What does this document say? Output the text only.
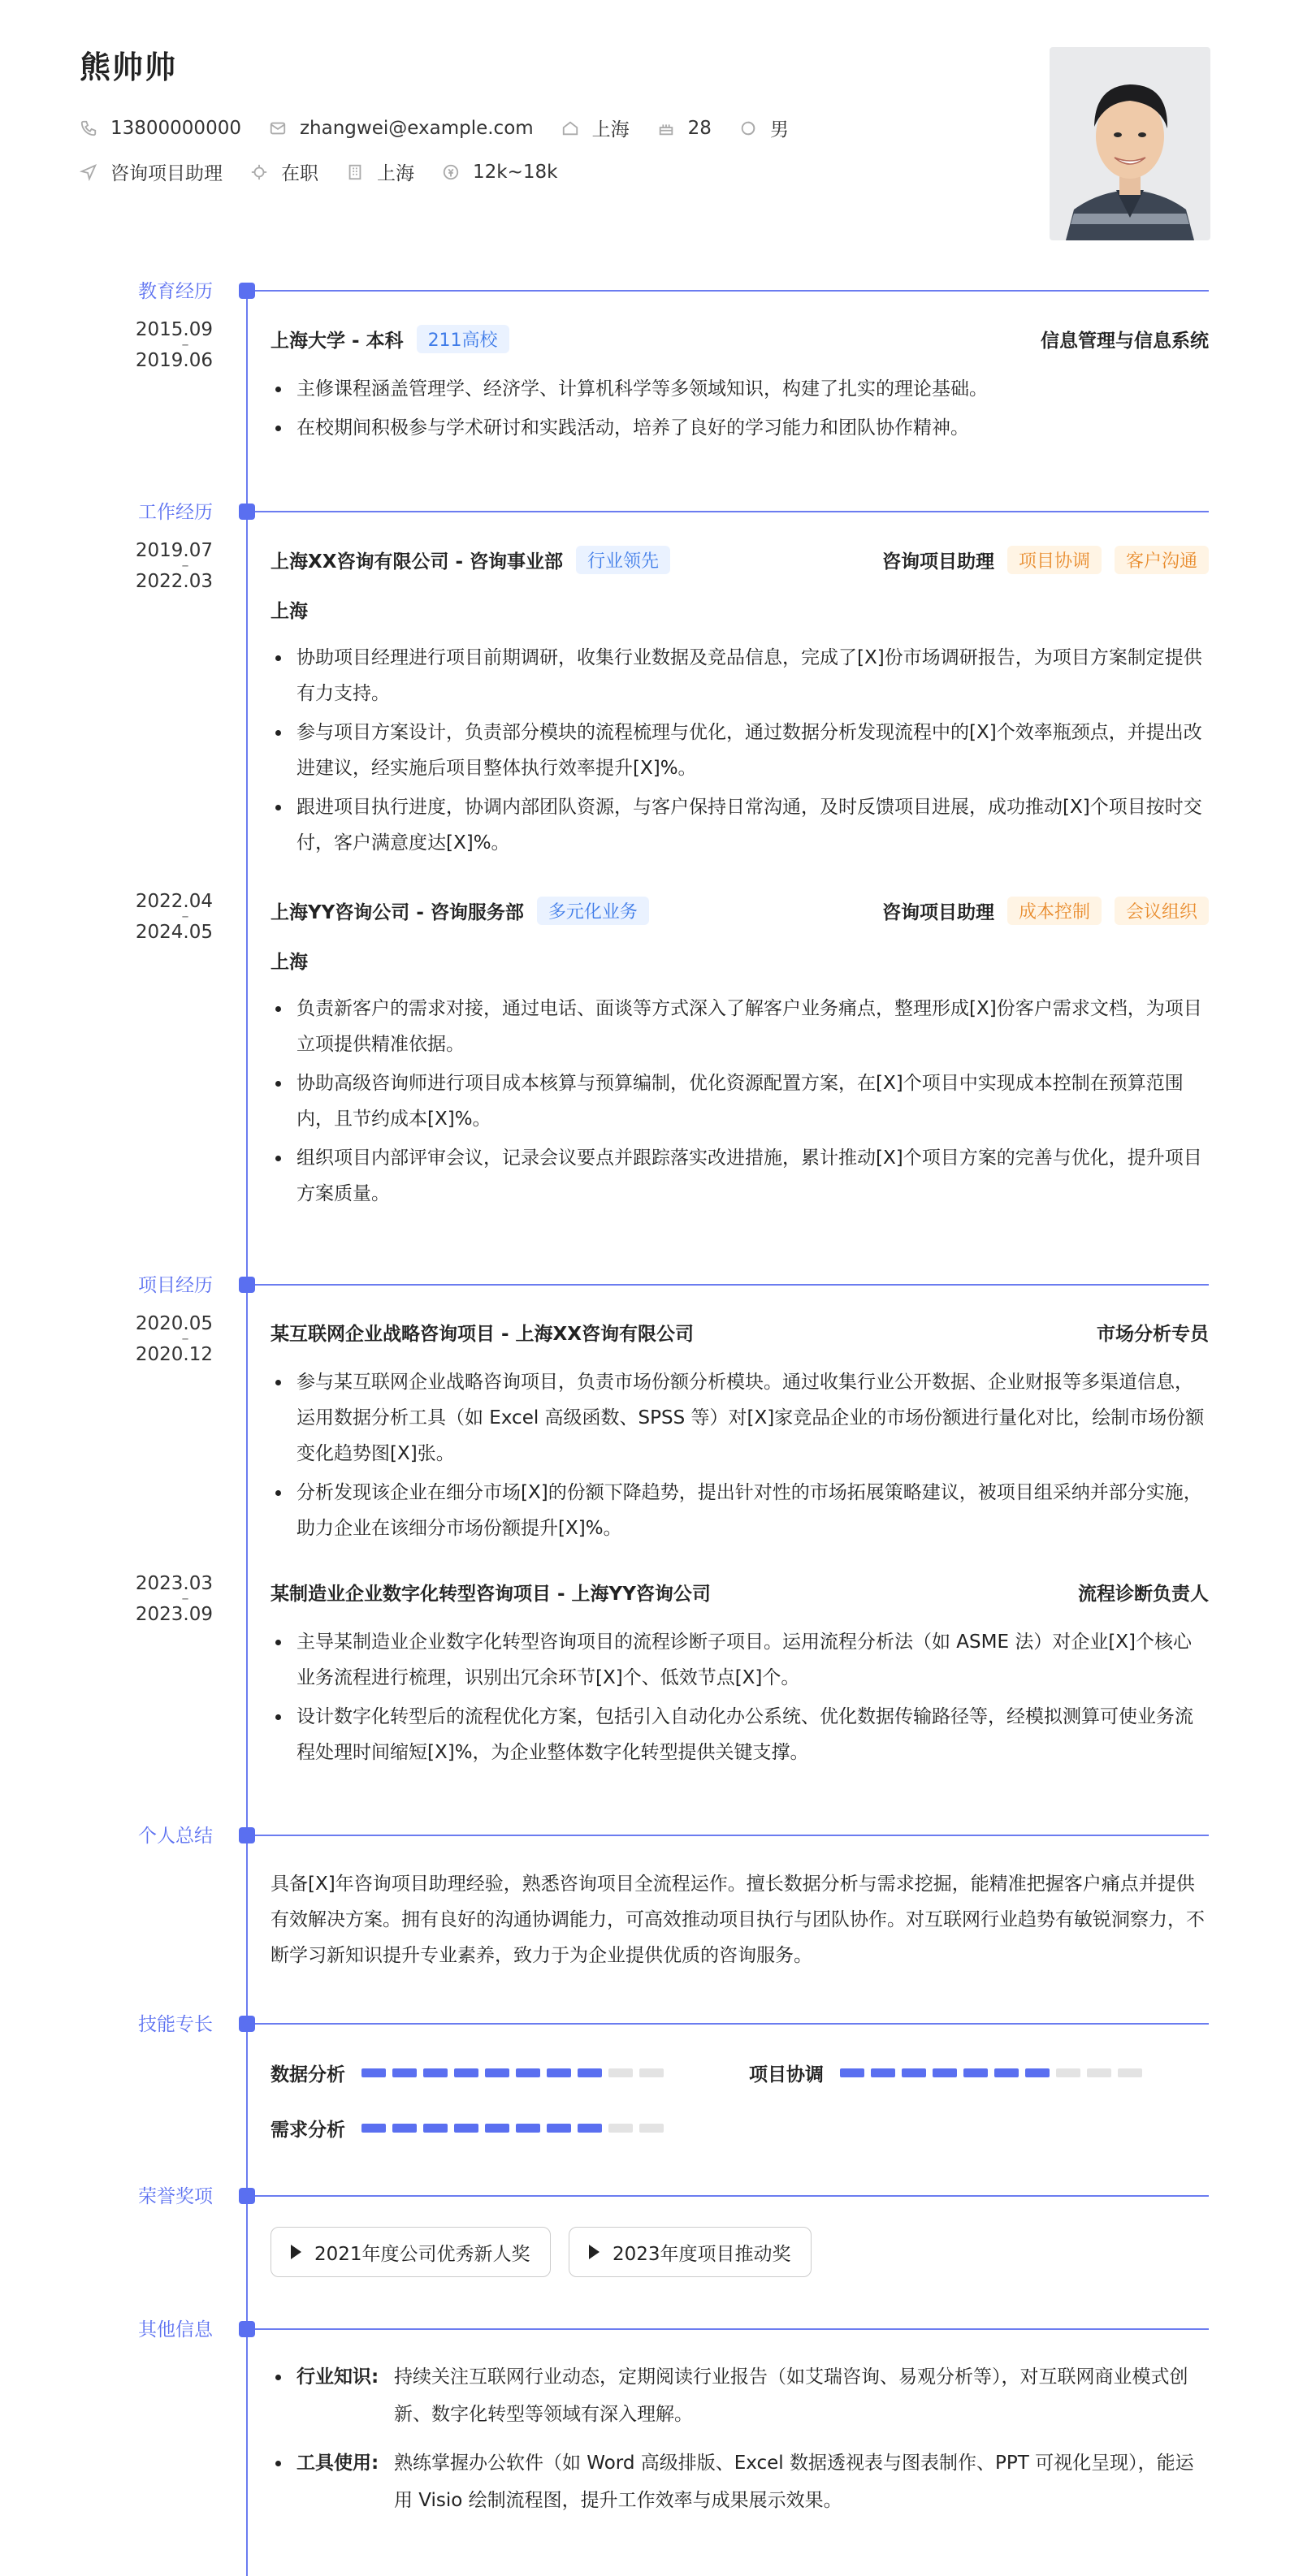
熊帅帅
13800000000	zhangwei@example.com	上海	28	男
咨询项目助理	在职	上海	12k~18k
教育经历
2015.09
–
2019.06
上海大学 - 本科	211高校	信息管理与信息系统
主修课程涵盖管理学、经济学、计算机科学等多领域知识，构建了扎实的理论基础。
在校期间积极参与学术研讨和实践活动，培养了良好的学习能力和团队协作精神。
工作经历
2019.07
–
2022.03
上海XX咨询有限公司 - 咨询事业部	行业领先	咨询项目助理	项目协调	客户沟通
上海
协助项目经理进行项目前期调研，收集行业数据及竞品信息，完成了[X]份市场调研报告，为项目方案制定提供有力支持。
参与项目方案设计，负责部分模块的流程梳理与优化，通过数据分析发现流程中的[X]个效率瓶颈点，并提出改进建议，经实施后项目整体执行效率提升[X]%。
跟进项目执行进度，协调内部团队资源，与客户保持日常沟通，及时反馈项目进展，成功推动[X]个项目按时交付，客户满意度达[X]%。
2022.04
–
2024.05
上海YY咨询公司 - 咨询服务部	多元化业务	咨询项目助理	成本控制	会议组织
上海
负责新客户的需求对接，通过电话、面谈等方式深入了解客户业务痛点，整理形成[X]份客户需求文档，为项目立项提供精准依据。
协助高级咨询师进行项目成本核算与预算编制，优化资源配置方案，在[X]个项目中实现成本控制在预算范围内，且节约成本[X]%。
组织项目内部评审会议，记录会议要点并跟踪落实改进措施，累计推动[X]个项目方案的完善与优化，提升项目方案质量。
项目经历
2020.05
–
2020.12
某互联网企业战略咨询项目 - 上海XX咨询有限公司	市场分析专员
参与某互联网企业战略咨询项目，负责市场份额分析模块。通过收集行业公开数据、企业财报等多渠道信息，运用数据分析工具（如 Excel 高级函数、SPSS 等）对[X]家竞品企业的市场份额进行量化对比，绘制市场份额变化趋势图[X]张。
分析发现该企业在细分市场[X]的份额下降趋势，提出针对性的市场拓展策略建议，被项目组采纳并部分实施，助力企业在该细分市场份额提升[X]%。
2023.03
–
2023.09
某制造业企业数字化转型咨询项目 - 上海YY咨询公司	流程诊断负责人
主导某制造业企业数字化转型咨询项目的流程诊断子项目。运用流程分析法（如 ASME 法）对企业[X]个核心业务流程进行梳理，识别出冗余环节[X]个、低效节点[X]个。
设计数字化转型后的流程优化方案，包括引入自动化办公系统、优化数据传输路径等，经模拟测算可使业务流程处理时间缩短[X]%，为企业整体数字化转型提供关键支撑。
个人总结
具备[X]年咨询项目助理经验，熟悉咨询项目全流程运作。擅长数据分析与需求挖掘，能精准把握客户痛点并提供有效解决方案。拥有良好的沟通协调能力，可高效推动项目执行与团队协作。对互联网行业趋势有敏锐洞察力，不断学习新知识提升专业素养，致力于为企业提供优质的咨询服务。
技能专长
数据分析	项目协调
需求分析
荣誉奖项
2021年度公司优秀新人奖	2023年度项目推动奖
其他信息
行业知识: 持续关注互联网行业动态，定期阅读行业报告（如艾瑞咨询、易观分析等），对互联网商业模式创新、数字化转型等领域有深入理解。
工具使用: 熟练掌握办公软件（如 Word 高级排版、Excel 数据透视表与图表制作、PPT 可视化呈现），能运用 Visio 绘制流程图，提升工作效率与成果展示效果。
